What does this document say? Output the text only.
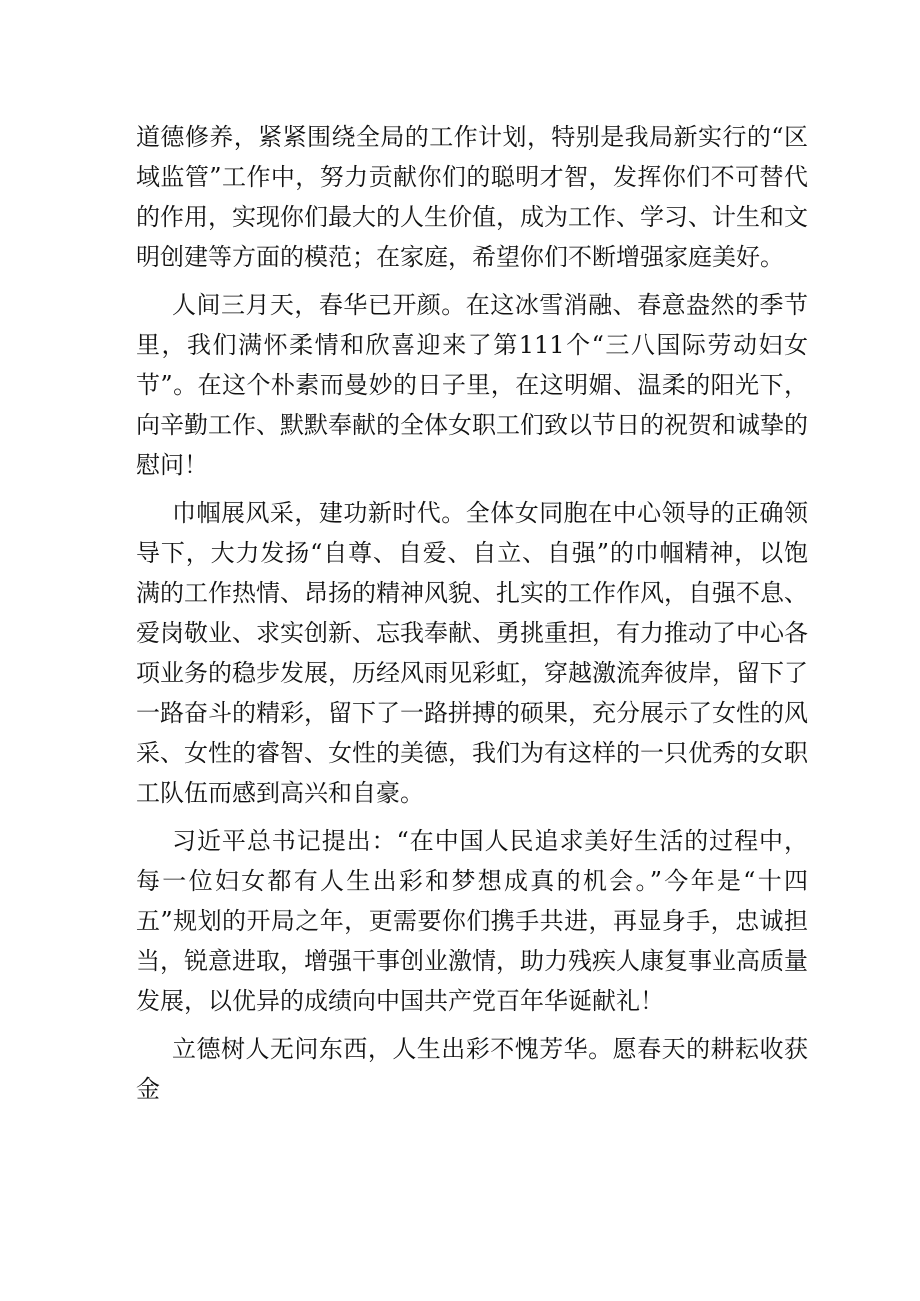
道德修养，紧紧围绕全局的工作计划，特别是我局新实行的“区域监管”工作中，努力贡献你们的聪明才智，发挥你们不可替代的作用，实现你们最大的人生价值，成为工作、学习、计生和文明创建等方面的模范；在家庭，希望你们不断增强家庭美好。

人间三月天，春华已开颜。在这冰雪消融、春意盎然的季节里，我们满怀柔情和欣喜迎来了第111个“三八国际劳动妇女节”。在这个朴素而曼妙的日子里，在这明媚、温柔的阳光下，向辛勤工作、默默奉献的全体女职工们致以节日的祝贺和诚挚的慰问！

巾帼展风采，建功新时代。全体女同胞在中心领导的正确领导下，大力发扬“自尊、自爱、自立、自强”的巾帼精神，以饱满的工作热情、昂扬的精神风貌、扎实的工作作风，自强不息、爱岗敬业、求实创新、忘我奉献、勇挑重担，有力推动了中心各项业务的稳步发展，历经风雨见彩虹，穿越激流奔彼岸，留下了一路奋斗的精彩，留下了一路拼搏的硕果，充分展示了女性的风采、女性的睿智、女性的美德，我们为有这样的一只优秀的女职工队伍而感到高兴和自豪。

习近平总书记提出：“在中国人民追求美好生活的过程中，每一位妇女都有人生出彩和梦想成真的机会。”今年是“十四五”规划的开局之年，更需要你们携手共进，再显身手，忠诚担当，锐意进取，增强干事创业激情，助力残疾人康复事业高质量发展，以优异的成绩向中国共产党百年华诞献礼！

立德树人无问东西，人生出彩不愧芳华。愿春天的耕耘收获金
